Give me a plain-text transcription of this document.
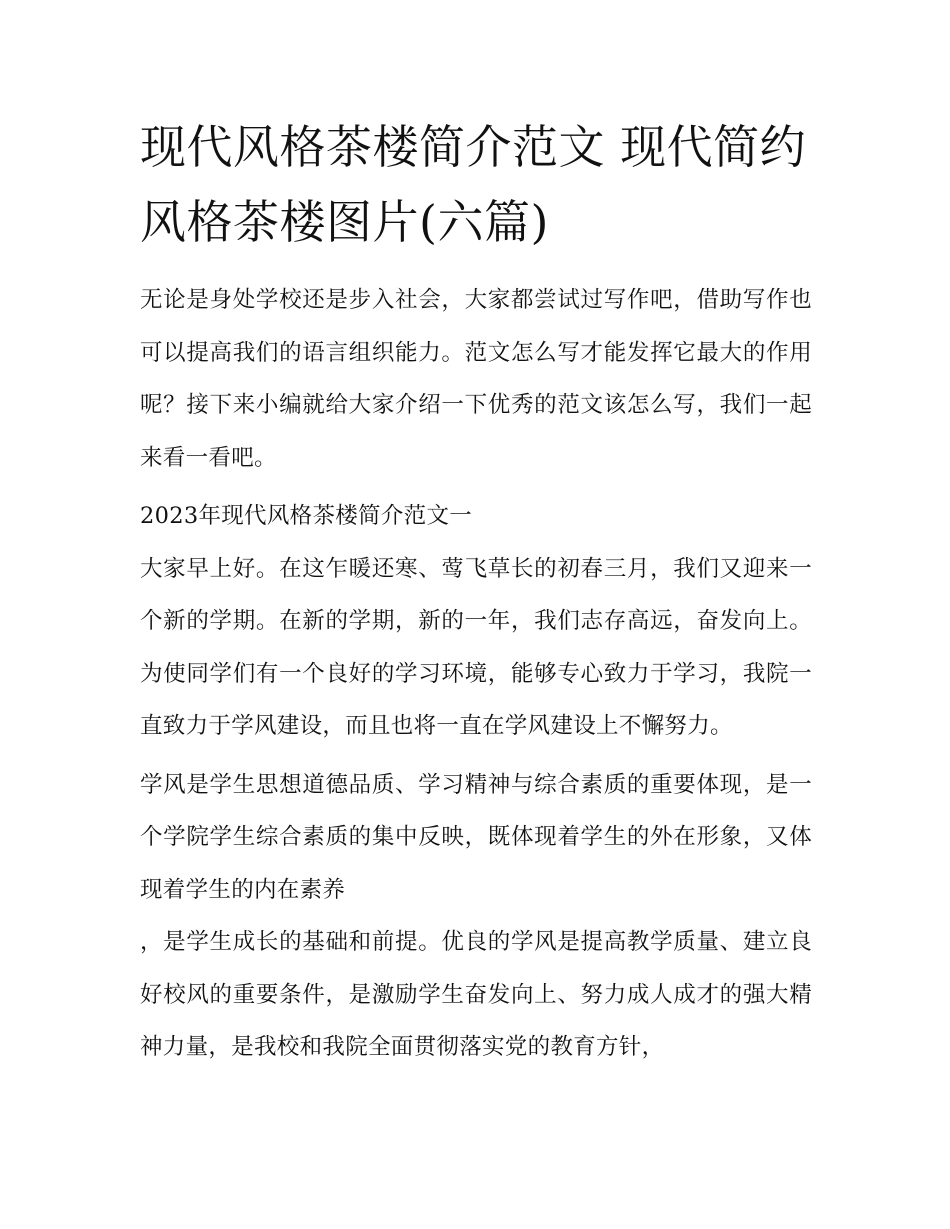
现代风格茶楼简介范文 现代简约风格茶楼图片(六篇)

无论是身处学校还是步入社会，大家都尝试过写作吧，借助写作也可以提高我们的语言组织能力。范文怎么写才能发挥它最大的作用呢？接下来小编就给大家介绍一下优秀的范文该怎么写，我们一起来看一看吧。

2023年现代风格茶楼简介范文一

大家早上好。在这乍暖还寒、莺飞草长的初春三月，我们又迎来一个新的学期。在新的学期，新的一年，我们志存高远，奋发向上。为使同学们有一个良好的学习环境，能够专心致力于学习，我院一直致力于学风建设，而且也将一直在学风建设上不懈努力。

学风是学生思想道德品质、学习精神与综合素质的重要体现，是一个学院学生综合素质的集中反映，既体现着学生的外在形象，又体现着学生的内在素养

，是学生成长的基础和前提。优良的学风是提高教学质量、建立良好校风的重要条件，是激励学生奋发向上、努力成人成才的强大精神力量，是我校和我院全面贯彻落实党的教育方针，
